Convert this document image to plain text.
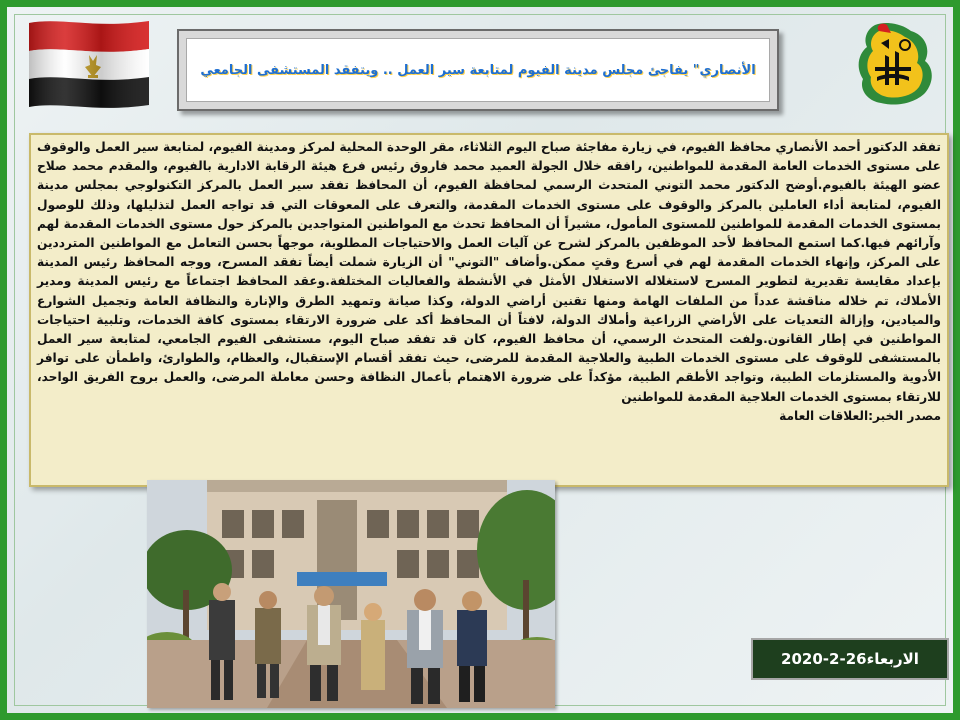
الأنصاري" يفاجئ مجلس مدينة الفيوم لمتابعة سير العمل .. ويتفقد المستشفى الجامعي

تفقد الدكتور أحمد الأنصاري محافظ الفيوم، في زيارة مفاجئة صباح اليوم الثلاثاء، مقر الوحدة المحلية لمركز ومدينة الفيوم، لمتابعة سير العمل والوقوف على مستوى الخدمات العامة المقدمة للمواطنين، رافقه خلال الجولة العميد محمد فاروق رئيس فرع هيئة الرقابة الادارية بالفيوم، والمقدم محمد صلاح عضو الهيئة بالفيوم.أوضح الدكتور محمد التوني المتحدث الرسمي لمحافظة الفيوم، أن المحافظ تفقد سير العمل بالمركز التكنولوجي بمجلس مدينة الفيوم، لمتابعة أداء العاملين بالمركز والوقوف على مستوى الخدمات المقدمة، والتعرف على المعوقات التي قد تواجه العمل لتذليلها، وذلك للوصول بمستوى الخدمات المقدمة للمواطنين للمستوى المأمول، مشيراً أن المحافظ تحدث مع المواطنين المتواجدين بالمركز حول مستوى الخدمات المقدمة لهم وآرائهم فيها.كما استمع المحافظ لأحد الموظفين بالمركز لشرح عن آليات العمل والاحتياجات المطلوبة، موجهاً بحسن التعامل مع المواطنين المترددين على المركز، وإنهاء الخدمات المقدمة لهم في أسرع وقتٍ ممكن.وأضاف "التوني" أن الزيارة شملت أيضاً تفقد المسرح، ووجه المحافظ رئيس المدينة بإعداد مقايسة تقديرية لتطوير المسرح لاستغلاله الاستغلال الأمثل في الأنشطة والفعاليات المختلفة.وعقد المحافظ اجتماعاً مع رئيس المدينة ومدير الأملاك، تم خلاله مناقشة عدداً من الملفات الهامة ومنها تقنين أراضي الدولة، وكذا صيانة وتمهيد الطرق والإنارة والنظافة العامة وتجميل الشوارع والميادين، وإزالة التعديات على الأراضي الزراعية وأملاك الدولة، لافتاً أن المحافظ أكد على ضرورة الارتقاء بمستوى كافة الخدمات، وتلبية احتياجات المواطنين في إطار القانون.ولفت المتحدث الرسمي، أن محافظ الفيوم، كان قد تفقد صباح اليوم، مستشفى الفيوم الجامعي، لمتابعة سير العمل بالمستشفى للوقوف على مستوى الخدمات الطبية والعلاجية المقدمة للمرضى، حيث تفقد أقسام الإستقبال، والعظام، والطوارئ، واطمأن على توافر الأدوية والمستلزمات الطبية، وتواجد الأطقم الطبية، مؤكداً على ضرورة الاهتمام بأعمال النظافة وحسن معاملة المرضى، والعمل بروح الفريق الواحد، للارتقاء بمستوى الخدمات العلاجية المقدمة للمواطنين

مصدر الخبر:العلاقات العامة

الاربعاء26-2-2020
